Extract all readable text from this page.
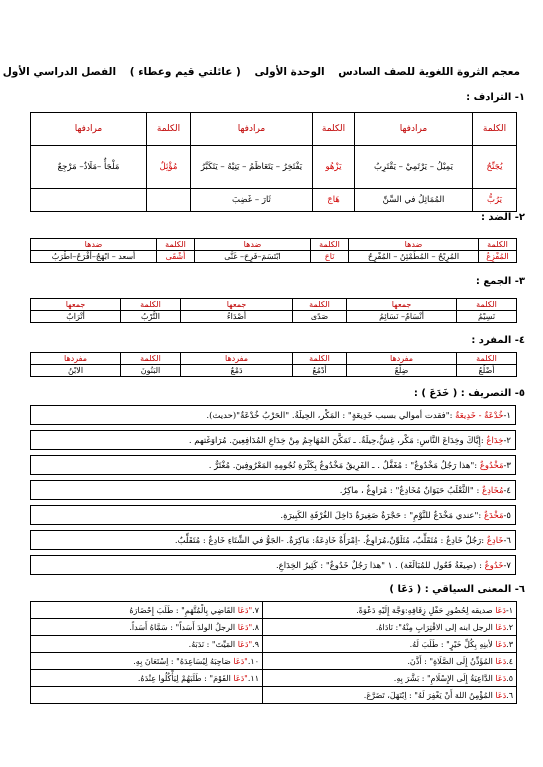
معجم الثروة اللغوية للصف السادس الوحدة الأولى ( عائلتي قيم وعطاء ) الفصل الدراسي الأول
١- الترادف :
الكلمة	مرادفها	الكلمة	مرادفها	الكلمة	مرادفها
يُجَنِّحُ	يَمِيْلُ – يَرْتَمِيْ – يَقْتَرِبُ	يَزْهُو	يَفْتَخِرُ – يَتَعَاظَمُ – يَتِيْهُ – يَتَكَبَّرُ	مُؤْئِلٌ	مَلْجَأٌ –مَلَاذٌ– مَرْجِعٌ
يَرُبُّ	المُمَاثِلُ في السِّنِّ	هَاجَ	ثَارَ – غَضِبَ		
٢- الضد :
الكلمة	ضدها	الكلمة	ضدها	الكلمة	ضدها
المُفْزِعُ	المُرِيْحُ – المُطَمْئِنُ – المُفْرِحُ	نَاحَ	ابْتَسَمَ–فَرِحَ– غَنَّى	أَشْقَى	أسعد – ابْهَجُ–أفْرَحُ–اطْرَبُ
٣- الجمع :
الكلمة	جمعها	الكلمة	جمعها	الكلمة	جمعها
نَسِيْمُ	أَنْسَامٌ– نَسَائِمُ	صَدًى	أَصْدَاءُ	التُّرْبُ	أتْرَابٌ
٤- المفرد :
الكلمة	مفردها	الكلمة	مفردها	الكلمة	مفردها
أَضْلُعُ	ضِلْعٌ	أَدْمُعُ	دَمْعٌ	البَنُونَ	الابْنُ
٥- التصريف : ( خَدَعَ ) :
١-خُدْعَةٌ - خَدِيعَةٌ :"فقدت أموالي بسبب خَدِيعَةٍ" : المَكْر، الحِيلَةُ. "الحَرْبُ خُدْعَةٌ"(حديث).
٢-خِدَاعٌ :إِيَّاكَ وخِدَاعَ النَّاسِ: مَكْر، غِشٌّ،حِيلَةٌ. ـ تَمَكَّنَ المُهَاجِمُ مِنْ خِدَاعِ المُدَافِعِينَ. مُرَاوَغَتهم .
٣-مَخْدُوعٌ :"هذا رَجُلٌ مَخْدُوعٌ" : مُغَفَّلٌ . ـ الفَرِيقُ مَخْدُوعٌ بِكَثْرَةِ نُجُومِهِ المَعْرُوفِينَ. مُغْتَرٌّ .
٤-مُخَادِعٌ : "الثَّعْلَبُ حَيَوَانٌ مُخَادِعٌ" : مُرَاوِغٌ ، ماكِرٌ.
٥-مَخْدَعٌ :"عندي مَخْدَعٌ للنَّوْمِ" : حَجْرَةٌ صَغِيرَةٌ دَاخِلَ الغُرْفَةِ الكَبِيرَةِ.
٦-خَادِعٌ :رَجُلٌ خَادِعٌ : مُتَقَلِّبٌ، مُتَلَوِّنٌ،مُرَاوِغٌ. -اِمْرَأَةٌ خَادِعَةٌ: مَاكِرَةٌ. -الجَوُّ في الشِّتَاءِ خَادِعٌ : مُتَقَلِّبٌ.
٧-خَدُوعٌ : (صِيغَةُ فَعُول للمُبَالَغَة) . ١ "هذا رَجُلٌ خَدُوعٌ" : كَثِيرُ الخِدَاعِ.
٦- المعنى السياقي : ( دَعَا )
١-دَعَا صديقه لِحُضُورِ حَفْلِ زِفَافِهِ:وَجَّهَ إِلَيْهِ دَعْوَةً.	٧."دَعَا القَاضِي بِالْمُتَّهَمِ" : طَلَبَ إِحْضَارَهُ
٢.دَعَا الرجل ابنه إلى الاقْتِرَابِ مِنْهُ": نَادَاهُ.	٨."دَعَا الرجلُ الولدَ أَسَداً" : سَمَّاهُ أَسَداً.
٣.دَعَا لأبنِهِ بِكُلِّ خَيْرٍ" : طَلَبَ لَهُ.	٩."دَعَا المَيِّتَ" : نَدَبَهُ.
٤.دَعَا المُؤَذِّنُ إِلَى الصَّلَاةِ" : أَذَّنَ.	١٠."دَعَا صَاحِبَهُ لِيُسَاعِدَهُ" : اِسْتَعَانَ بِهِ.
٥.دَعَا الدَّاعِيَةُ إِلَى الإِسْلَامِ" : بَشَّرَ بِهِ.	١١."دَعَا القَوْمَ" : طَلَبَهُمْ لِيَأْكُلُوا عِنْدَهُ.
٦.دَعَا المُؤْمِنُ اللهَ أَنْ يَغْفِرَ لَهُ" : اِبْتَهَلَ، تَضَرَّعَ.	
